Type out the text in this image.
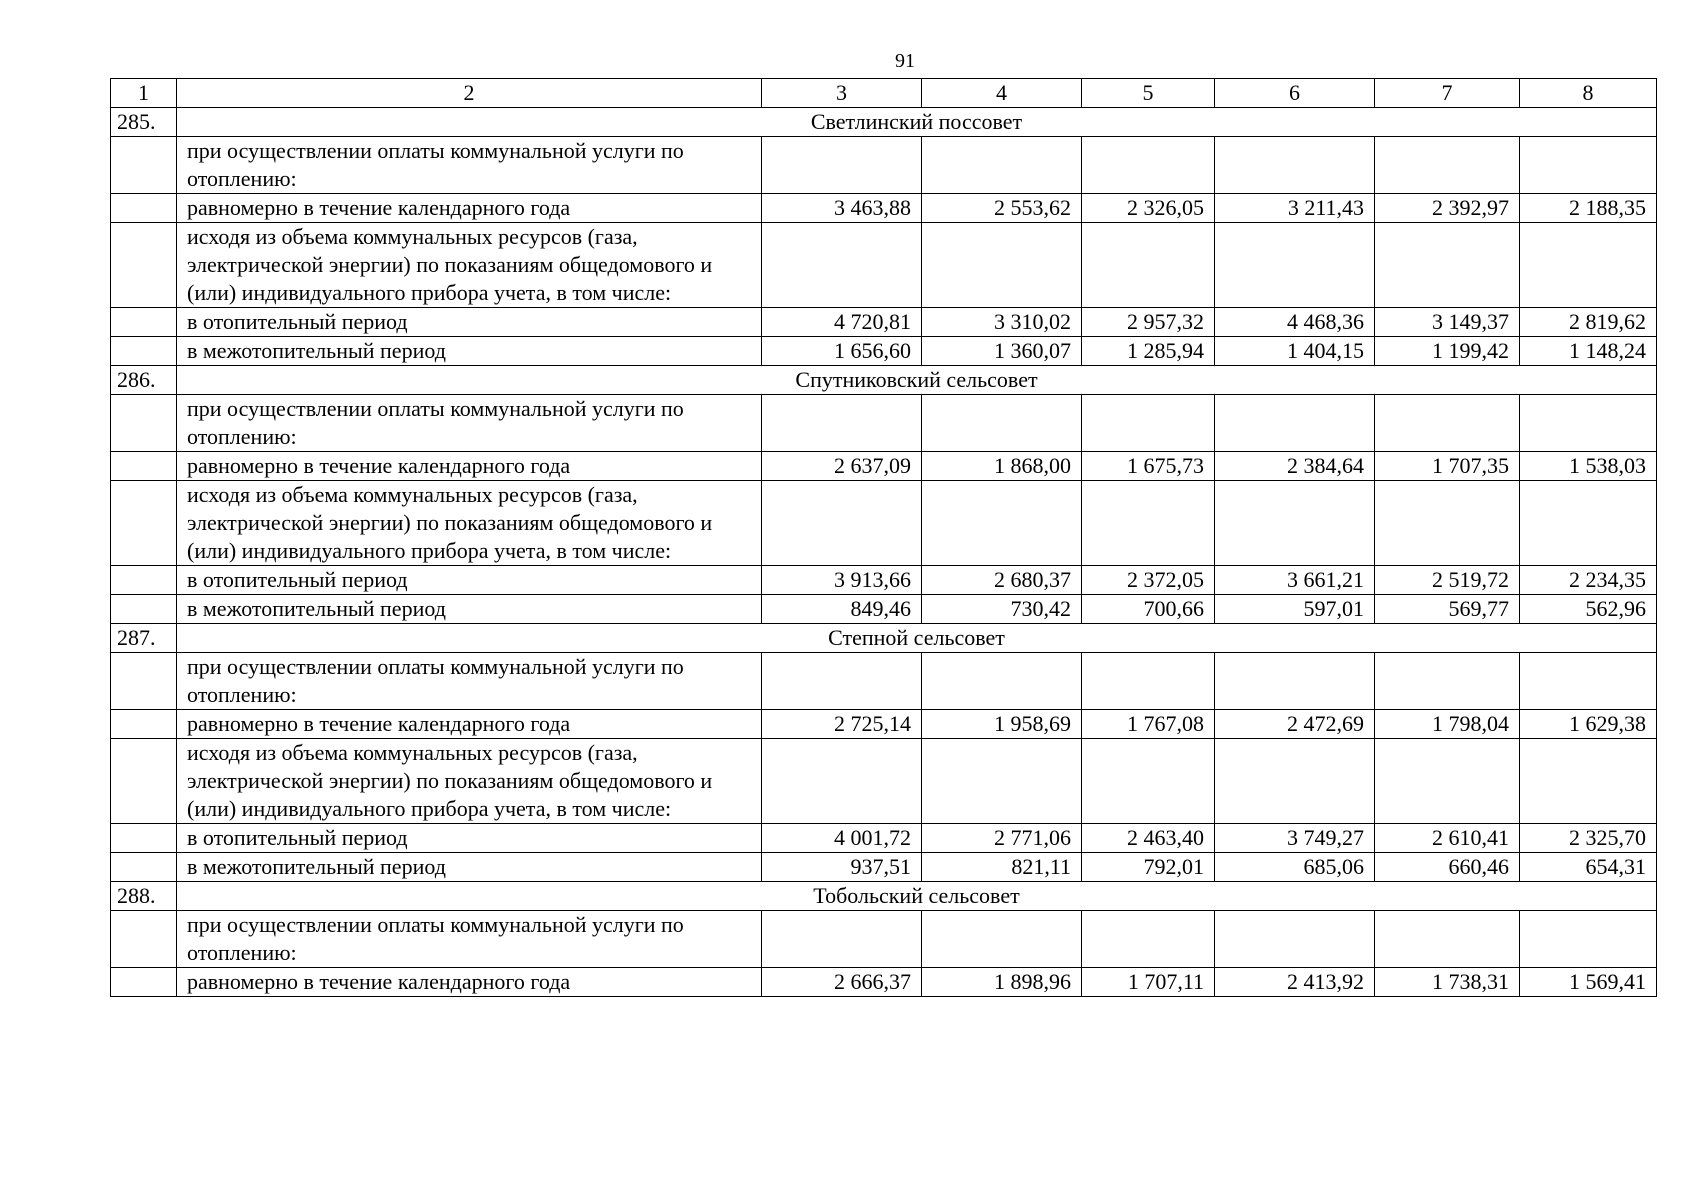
91
1	2	3	4	5	6	7	8
285.	Светлинский поссовет						
	при осуществлении оплаты коммунальной услуги по отоплению:						
	равномерно в течение календарного года	3 463,88	2 553,62	2 326,05	3 211,43	2 392,97	2 188,35
	исходя из объема коммунальных ресурсов (газа, электрической энергии) по показаниям общедомового и (или) индивидуального прибора учета, в том числе:						
	в отопительный период	4 720,81	3 310,02	2 957,32	4 468,36	3 149,37	2 819,62
	в межотопительный период	1 656,60	1 360,07	1 285,94	1 404,15	1 199,42	1 148,24
286.	Спутниковский сельсовет						
	при осуществлении оплаты коммунальной услуги по отоплению:						
	равномерно в течение календарного года	2 637,09	1 868,00	1 675,73	2 384,64	1 707,35	1 538,03
	исходя из объема коммунальных ресурсов (газа, электрической энергии) по показаниям общедомового и (или) индивидуального прибора учета, в том числе:						
	в отопительный период	3 913,66	2 680,37	2 372,05	3 661,21	2 519,72	2 234,35
	в межотопительный период	849,46	730,42	700,66	597,01	569,77	562,96
287.	Степной сельсовет						
	при осуществлении оплаты коммунальной услуги по отоплению:						
	равномерно в течение календарного года	2 725,14	1 958,69	1 767,08	2 472,69	1 798,04	1 629,38
	исходя из объема коммунальных ресурсов (газа, электрической энергии) по показаниям общедомового и (или) индивидуального прибора учета, в том числе:						
	в отопительный период	4 001,72	2 771,06	2 463,40	3 749,27	2 610,41	2 325,70
	в межотопительный период	937,51	821,11	792,01	685,06	660,46	654,31
288.	Тобольский сельсовет						
	при осуществлении оплаты коммунальной услуги по отоплению:						
	равномерно в течение календарного года	2 666,37	1 898,96	1 707,11	2 413,92	1 738,31	1 569,41
